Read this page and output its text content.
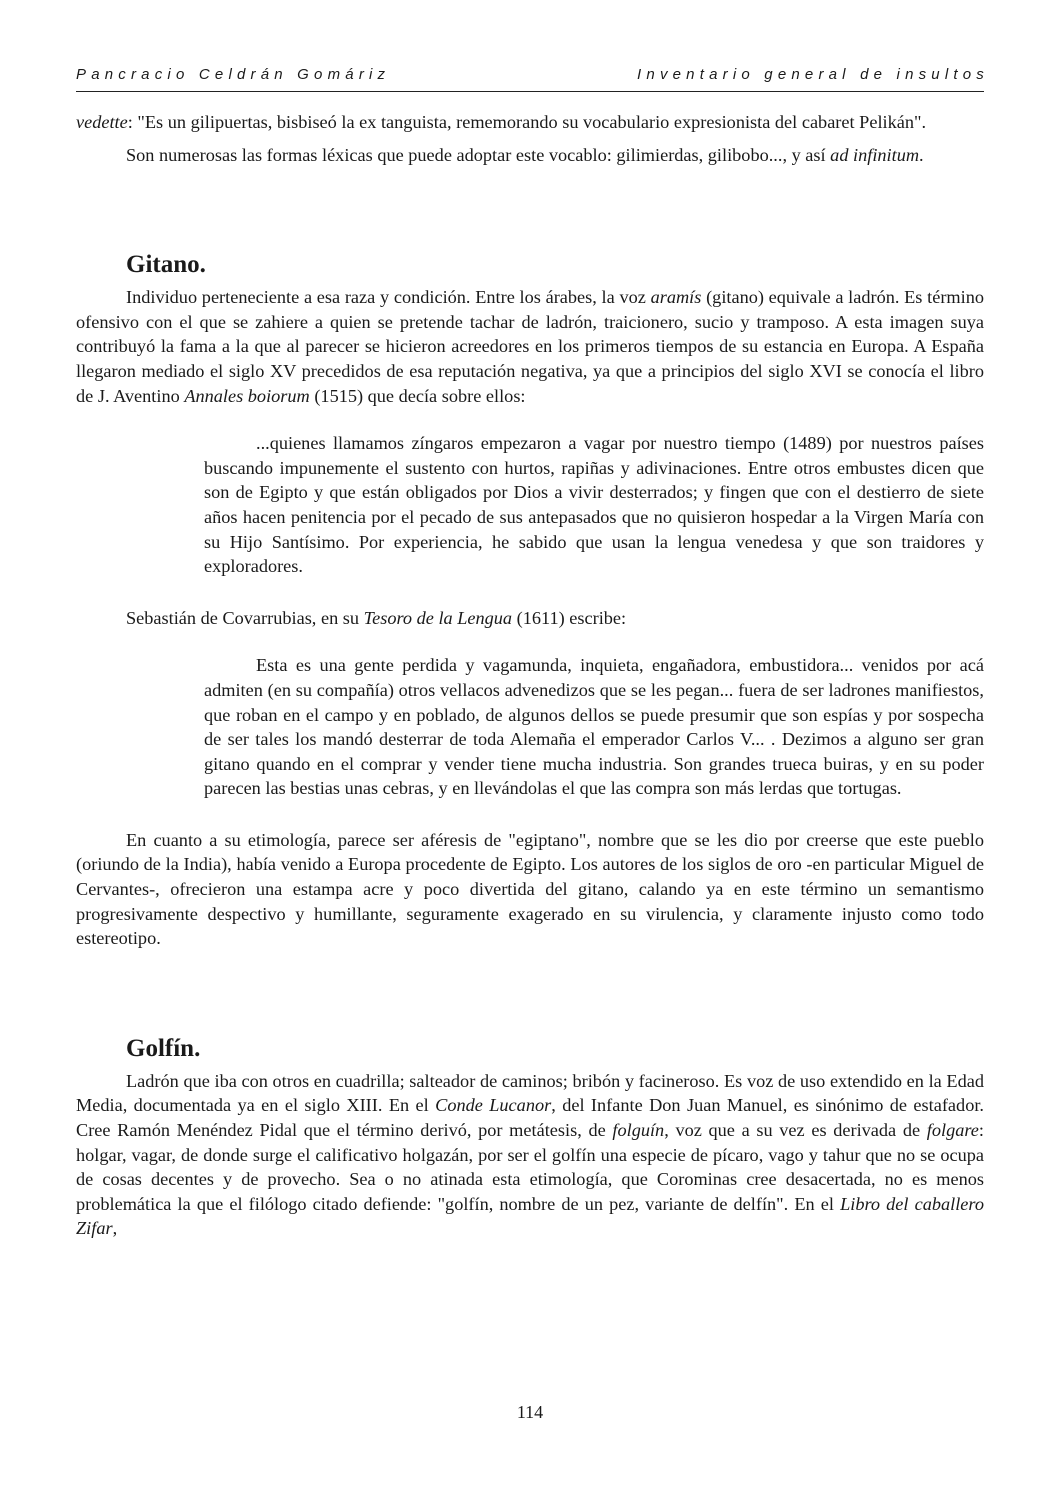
Pancracio Celdrán Gomáriz	Inventario general de insultos

vedette: "Es un gilipuertas, bisbiseó la ex tanguista, rememorando su vocabulario expresionista del cabaret Pelikán".

Son numerosas las formas léxicas que puede adoptar este vocablo: gilimierdas, gilibobo..., y así ad infinitum.

Gitano.

Individuo perteneciente a esa raza y condición. Entre los árabes, la voz aramís (gitano) equivale a ladrón. Es término ofensivo con el que se zahiere a quien se pretende tachar de ladrón, traicionero, sucio y tramposo. A esta imagen suya contribuyó la fama a la que al parecer se hicieron acreedores en los primeros tiempos de su estancia en Europa. A España llegaron mediado el siglo XV precedidos de esa reputación negativa, ya que a principios del siglo XVI se conocía el libro de J. Aventino Annales boiorum (1515) que decía sobre ellos:

...quienes llamamos zíngaros empezaron a vagar por nuestro tiempo (1489) por nuestros países buscando impunemente el sustento con hurtos, rapiñas y adivinaciones. Entre otros embustes dicen que son de Egipto y que están obligados por Dios a vivir desterrados; y fingen que con el destierro de siete años hacen penitencia por el pecado de sus antepasados que no quisieron hospedar a la Virgen María con su Hijo Santísimo. Por experiencia, he sabido que usan la lengua venedesa y que son traidores y exploradores.

Sebastián de Covarrubias, en su Tesoro de la Lengua (1611) escribe:

Esta es una gente perdida y vagamunda, inquieta, engañadora, embustidora... venidos por acá admiten (en su compañía) otros vellacos advenedizos que se les pegan... fuera de ser ladrones manifiestos, que roban en el campo y en poblado, de algunos dellos se puede presumir que son espías y por sospecha de ser tales los mandó desterrar de toda Alemaña el emperador Carlos V... . Dezimos a alguno ser gran gitano quando en el comprar y vender tiene mucha industria. Son grandes trueca buiras, y en su poder parecen las bestias unas cebras, y en llevándolas el que las compra son más lerdas que tortugas.

En cuanto a su etimología, parece ser aféresis de "egiptano", nombre que se les dio por creerse que este pueblo (oriundo de la India), había venido a Europa procedente de Egipto. Los autores de los siglos de oro -en particular Miguel de Cervantes-, ofrecieron una estampa acre y poco divertida del gitano, calando ya en este término un semantismo progresivamente despectivo y humillante, seguramente exagerado en su virulencia, y claramente injusto como todo estereotipo.

Golfín.

Ladrón que iba con otros en cuadrilla; salteador de caminos; bribón y facineroso. Es voz de uso extendido en la Edad Media, documentada ya en el siglo XIII. En el Conde Lucanor, del Infante Don Juan Manuel, es sinónimo de estafador. Cree Ramón Menéndez Pidal que el término derivó, por metátesis, de folguín, voz que a su vez es derivada de folgare: holgar, vagar, de donde surge el calificativo holgazán, por ser el golfín una especie de pícaro, vago y tahur que no se ocupa de cosas decentes y de provecho. Sea o no atinada esta etimología, que Corominas cree desacertada, no es menos problemática la que el filólogo citado defiende: "golfín, nombre de un pez, variante de delfín". En el Libro del caballero Zifar,

114
